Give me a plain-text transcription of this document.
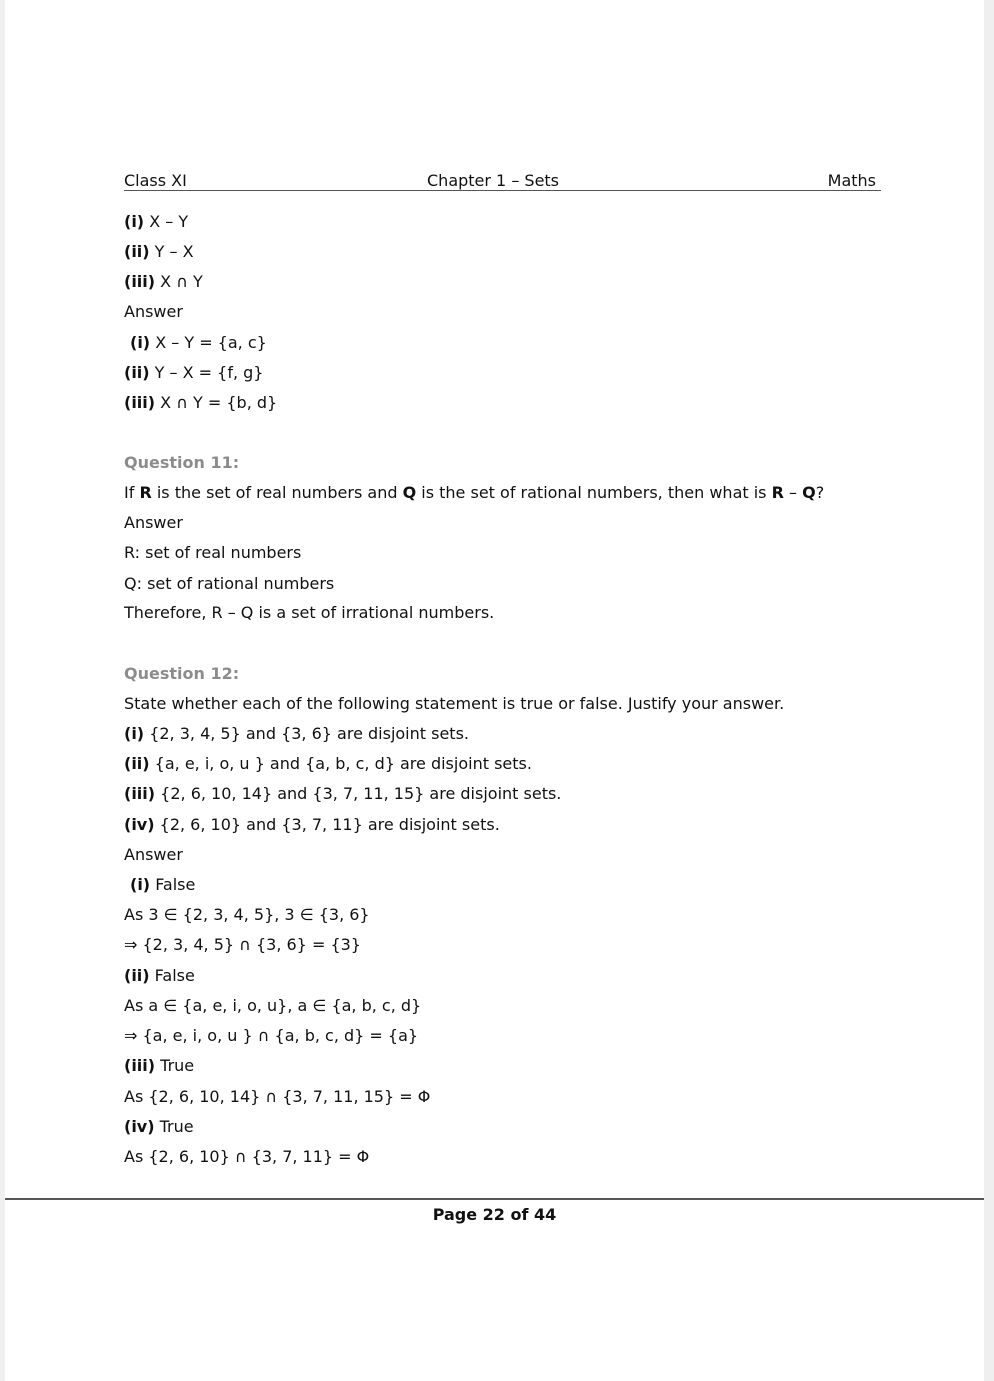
Class XI	Chapter 1 – Sets	Maths
(i) X – Y
(ii) Y – X
(iii) X ∩ Y
Answer
(i) X – Y = {a, c}
(ii) Y – X = {f, g}
(iii) X ∩ Y = {b, d}
Question 11:
If R is the set of real numbers and Q is the set of rational numbers, then what is R – Q?
Answer
R: set of real numbers
Q: set of rational numbers
Therefore, R – Q is a set of irrational numbers.
Question 12:
State whether each of the following statement is true or false. Justify your answer.
(i) {2, 3, 4, 5} and {3, 6} are disjoint sets.
(ii) {a, e, i, o, u } and {a, b, c, d} are disjoint sets.
(iii) {2, 6, 10, 14} and {3, 7, 11, 15} are disjoint sets.
(iv) {2, 6, 10} and {3, 7, 11} are disjoint sets.
Answer
(i) False
As 3 ∈ {2, 3, 4, 5}, 3 ∈ {3, 6}
⇒ {2, 3, 4, 5} ∩ {3, 6} = {3}
(ii) False
As a ∈ {a, e, i, o, u}, a ∈ {a, b, c, d}
⇒ {a, e, i, o, u } ∩ {a, b, c, d} = {a}
(iii) True
As {2, 6, 10, 14} ∩ {3, 7, 11, 15} = Φ
(iv) True
As {2, 6, 10} ∩ {3, 7, 11} = Φ
Page 22 of 44
